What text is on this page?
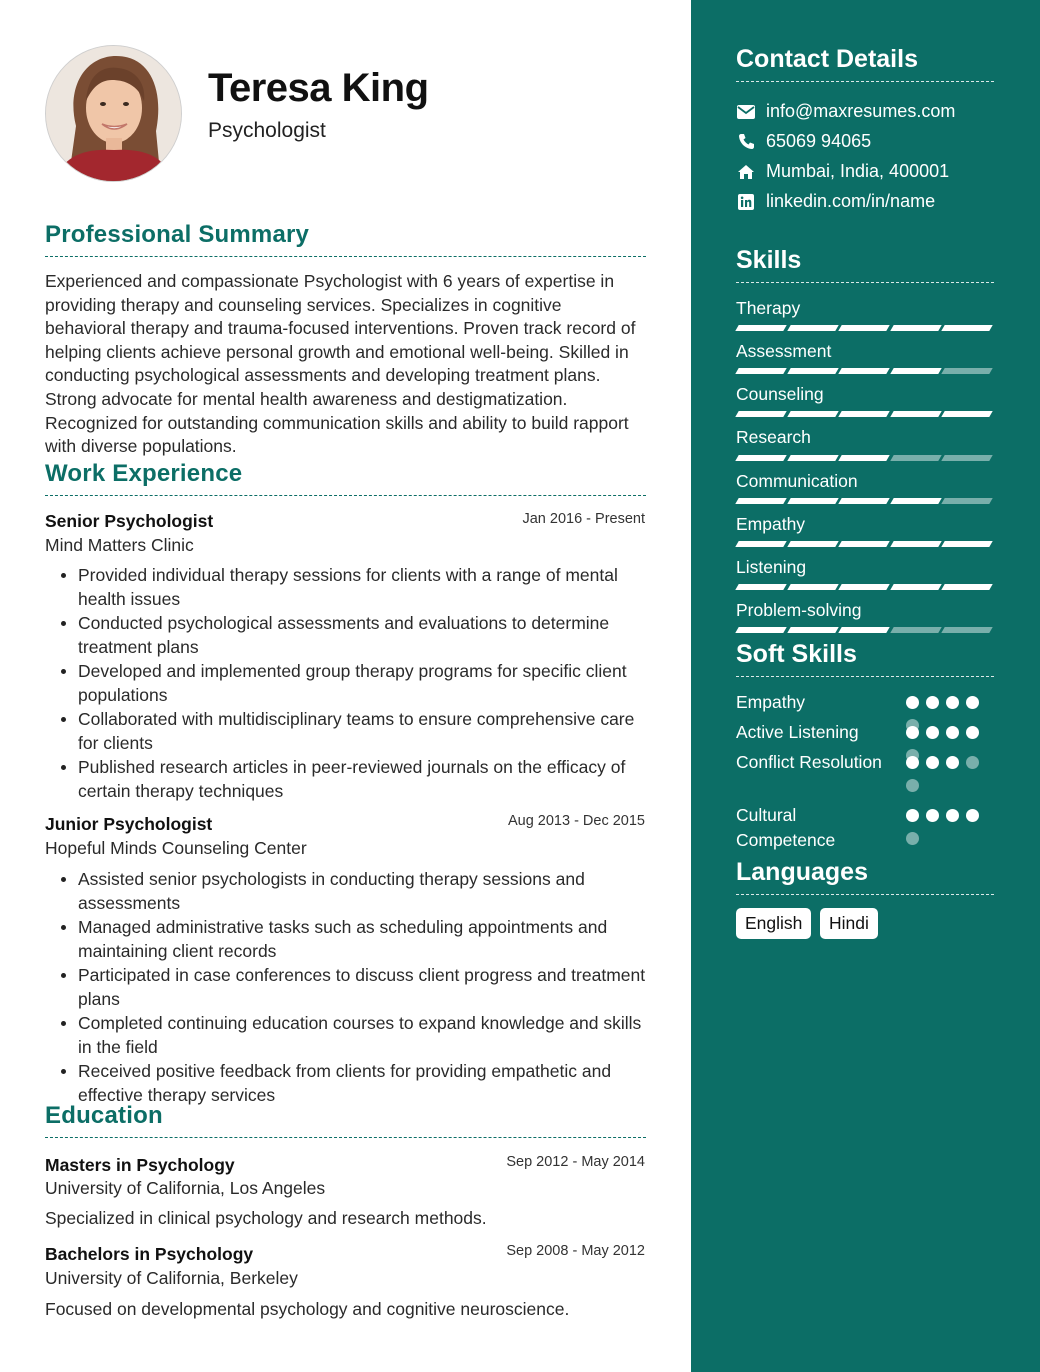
Teresa King
Psychologist
Professional Summary
Experienced and compassionate Psychologist with 6 years of expertise in providing therapy and counseling services. Specializes in cognitive behavioral therapy and trauma-focused interventions. Proven track record of helping clients achieve personal growth and emotional well-being. Skilled in conducting psychological assessments and developing treatment plans. Strong advocate for mental health awareness and destigmatization. Recognized for outstanding communication skills and ability to build rapport with diverse populations.
Work Experience
Senior Psychologist	Jan 2016 - Present
Mind Matters Clinic
Provided individual therapy sessions for clients with a range of mental health issues
Conducted psychological assessments and evaluations to determine treatment plans
Developed and implemented group therapy programs for specific client populations
Collaborated with multidisciplinary teams to ensure comprehensive care for clients
Published research articles in peer-reviewed journals on the efficacy of certain therapy techniques
Junior Psychologist	Aug 2013 - Dec 2015
Hopeful Minds Counseling Center
Assisted senior psychologists in conducting therapy sessions and assessments
Managed administrative tasks such as scheduling appointments and maintaining client records
Participated in case conferences to discuss client progress and treatment plans
Completed continuing education courses to expand knowledge and skills in the field
Received positive feedback from clients for providing empathetic and effective therapy services
Education
Masters in Psychology	Sep 2012 - May 2014
University of California, Los Angeles
Specialized in clinical psychology and research methods.
Bachelors in Psychology	Sep 2008 - May 2012
University of California, Berkeley
Focused on developmental psychology and cognitive neuroscience.
Contact Details
info@maxresumes.com
65069 94065
Mumbai, India, 400001
linkedin.com/in/name
Skills
Therapy
Assessment
Counseling
Research
Communication
Empathy
Listening
Problem-solving
Soft Skills
Empathy
Active Listening
Conflict Resolution
Cultural Competence
Languages
English	Hindi
